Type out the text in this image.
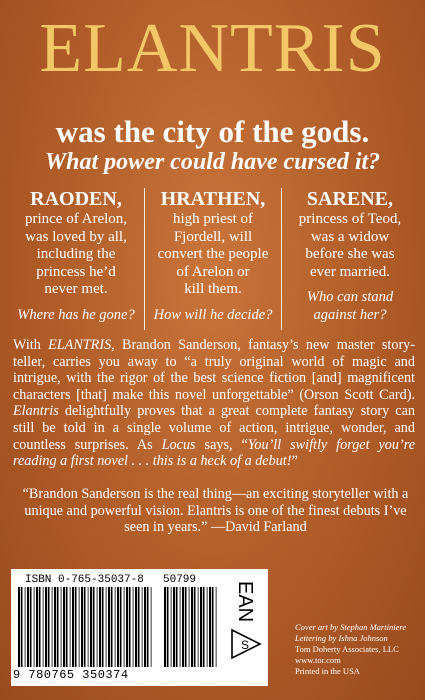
ELANTRIS
was the city of the gods.
What power could have cursed it?
RAODEN,
prince of Arelon,
was loved by all,
including the
princess he’d
never met.
Where has he gone?
HRATHEN,
high priest of
Fjordell, will
convert the people
of Arelon or
kill them.
How will he decide?
SARENE,
princess of Teod,
was a widow
before she was
ever married.
Who can stand
against her?
With ELANTRIS, Brandon Sanderson, fantasy’s new master story-teller, carries you away to “a truly original world of magic and intrigue, with the rigor of the best science fiction [and] magnificent characters [that] make this novel unforgettable” (Orson Scott Card). Elantris delightfully proves that a great complete fantasy story can still be told in a single volume of action, intrigue, wonder, and countless surprises. As Locus says, “You’ll swiftly forget you’re reading a first novel . . . this is a heck of a debut!”
“Brandon Sanderson is the real thing—an exciting storyteller with a unique and powerful vision. Elantris is one of the finest debuts I’ve seen in years.” —David Farland
ISBN 0-765-35037-8 50799
9 780765 350374
EAN
S
Cover art by Stephan Martiniere
Lettering by Ishna Johnson
Tom Doherty Associates, LLC
www.tor.com
Printed in the USA
